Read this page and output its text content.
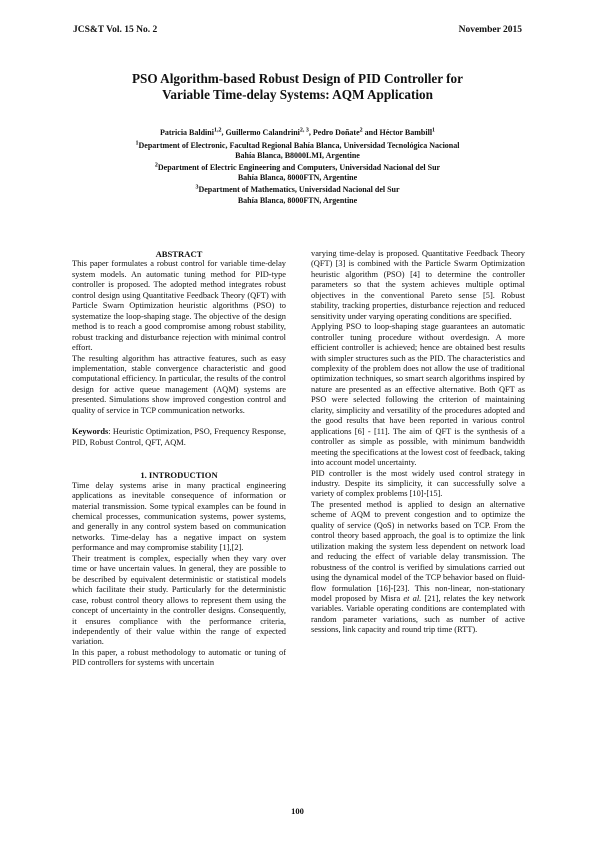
JCS&T Vol. 15 No. 2	November 2015
PSO Algorithm-based Robust Design of PID Controller for
Variable Time-delay Systems: AQM Application
Patricia Baldini$^{1,2}$, Guillermo Calandrini$^{2, 3}$, Pedro Doñate$^2$ and Héctor Bambill$^1$
$^1$Department of Electronic, Facultad Regional Bahía Blanca, Universidad Tecnológica Nacional
Bahía Blanca, B8000LMI, Argentine
$^2$Department of Electric Engineering and Computers, Universidad Nacional del Sur
Bahía Blanca, 8000FTN, Argentine
$^3$Department of Mathematics, Universidad Nacional del Sur
Bahía Blanca, 8000FTN, Argentine

ABSTRACT

This paper formulates a robust control for variable time-delay system models. An automatic tuning method for PID-type controller is proposed. The adopted method integrates robust control design using Quantitative Feedback Theory (QFT) with Particle Swarn Optimization heuristic algorithms (PSO) to systematize the loop-shaping stage. The objective of the design method is to reach a good compromise among robust stability, robust tracking and disturbance rejection with minimal control effort.

The resulting algorithm has attractive features, such as easy implementation, stable convergence characteristic and good computational efficiency. In particular, the results of the control design for active queue management (AQM) systems are presented. Simulations show improved congestion control and quality of service in TCP communication networks.

Keywords: Heuristic Optimization, PSO, Frequency Response, PID, Robust Control, QFT, AQM.

1. INTRODUCTION

Time delay systems arise in many practical engineering applications as inevitable consequence of information or material transmission. Some typical examples can be found in chemical processes, communication systems, power systems, and generally in any control system based on communication networks. Time-delay has a negative impact on system performance and may compromise stability [1],[2].

Their treatment is complex, especially when they vary over time or have uncertain values. In general, they are possible to be described by equivalent deterministic or statistical models which facilitate their study. Particularly for the deterministic case, robust control theory allows to represent them using the concept of uncertainty in the controller designs. Consequently, it ensures compliance with the performance criteria, independently of their value within the range of expected variation.

In this paper, a robust methodology to automatic or tuning of PID controllers for systems with uncertain

varying time-delay is proposed. Quantitative Feedback Theory (QFT) [3] is combined with the Particle Swarm Optimization heuristic algorithm (PSO) [4] to determine the controller parameters so that the system achieves multiple optimal objectives in the conventional Pareto sense [5]. Robust stability, tracking properties, disturbance rejection and reduced sensitivity under varying operating conditions are specified.

Applying PSO to loop-shaping stage guarantees an automatic controller tuning procedure without overdesign. A more efficient controller is achieved; hence are obtained best results with simpler structures such as the PID. The characteristics and complexity of the problem does not allow the use of traditional optimization techniques, so smart search algorithms inspired by nature are presented as an effective alternative. Both QFT as PSO were selected following the criterion of maintaining clarity, simplicity and versatility of the procedures adopted and the good results that have been reported in various control applications [6] - [11]. The aim of QFT is the synthesis of a controller as simple as possible, with minimum bandwidth meeting the specifications at the lowest cost of feedback, taking into account model uncertainty.

PID controller is the most widely used control strategy in industry. Despite its simplicity, it can successfully solve a variety of complex problems [10]-[15].

The presented method is applied to design an alternative scheme of AQM to prevent congestion and to optimize the quality of service (QoS) in networks based on TCP. From the control theory based approach, the goal is to optimize the link utilization making the system less dependent on network load and reducing the effect of variable delay transmission. The robustness of the control is verified by simulations carried out using the dynamical model of the TCP behavior based on fluid-flow formulation [16]-[23]. This non-linear, non-stationary model proposed by Misra et al. [21], relates the key network variables. Variable operating conditions are contemplated with random parameter variations, such as number of active sessions, link capacity and round trip time (RTT).

100
